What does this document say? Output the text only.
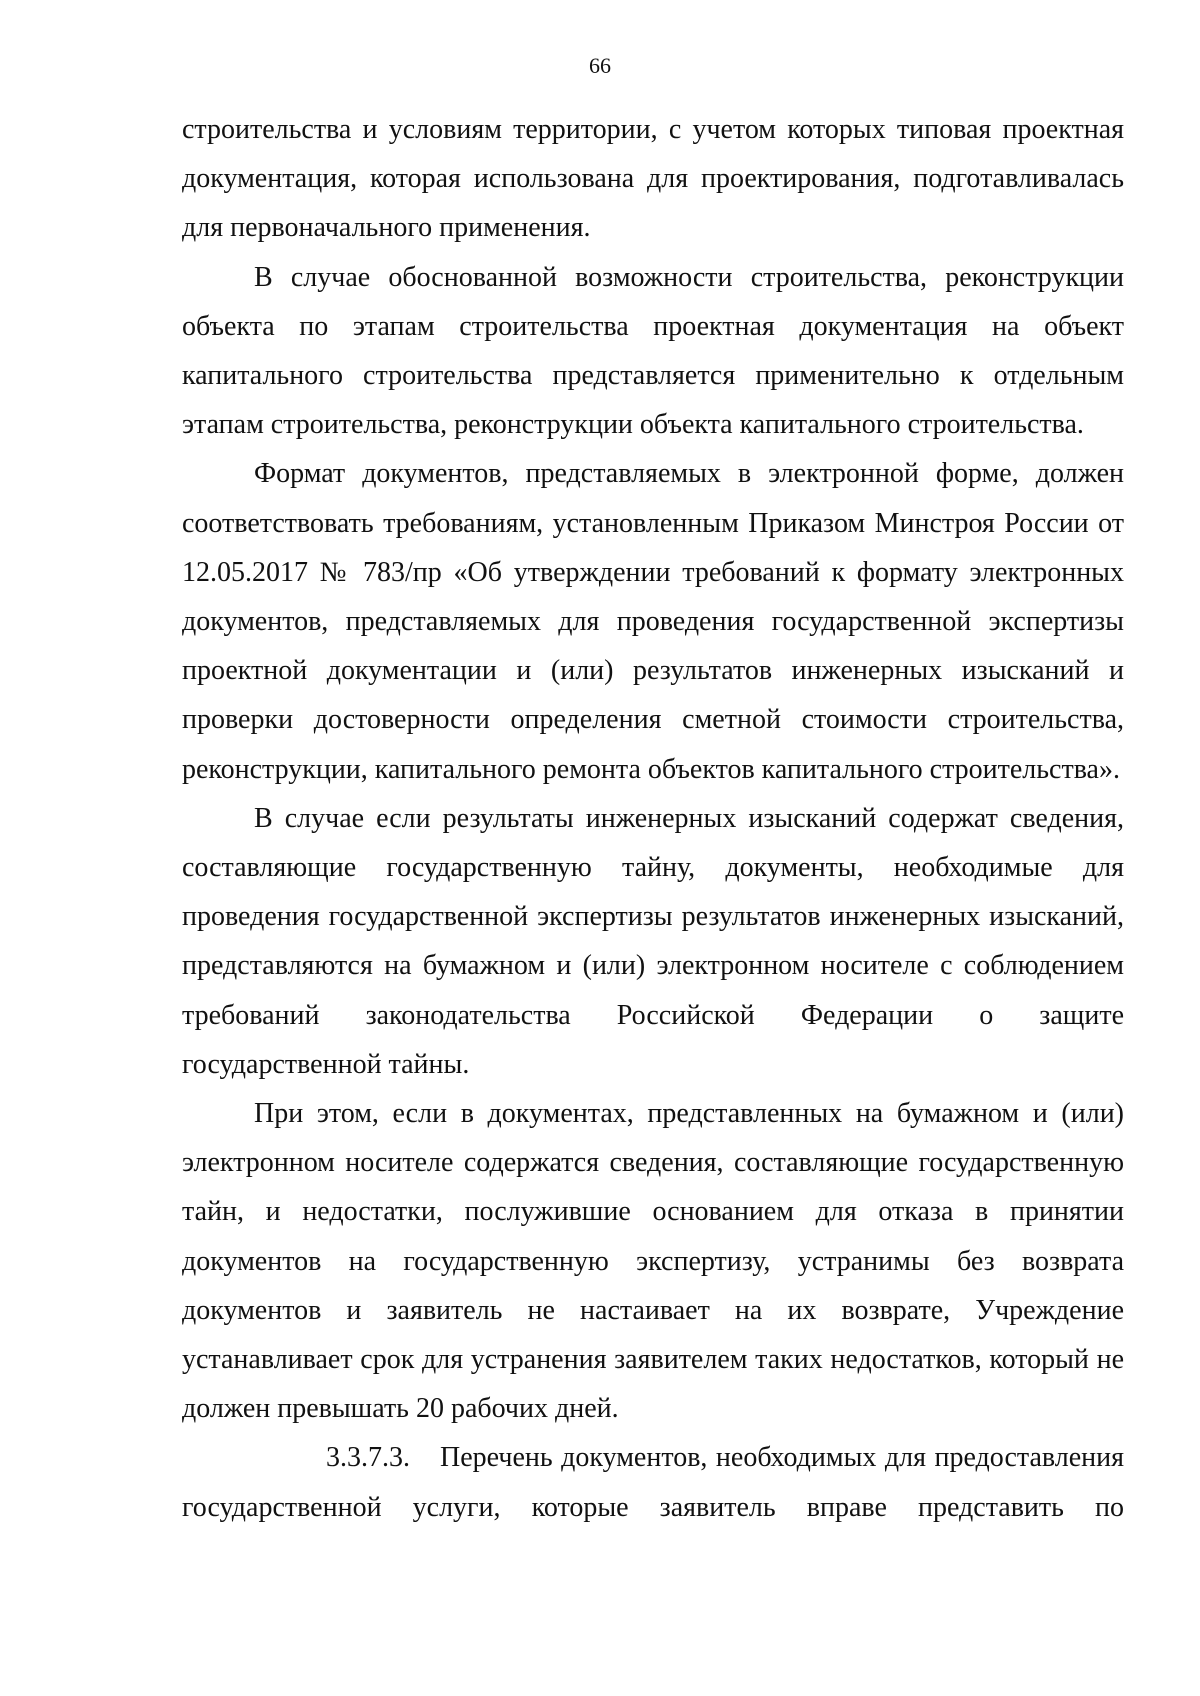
66

строительства и условиям территории, с учетом которых типовая проектная документация, которая использована для проектирования, подготавливалась для первоначального применения.

В случае обоснованной возможности строительства, реконструкции объекта по этапам строительства проектная документация на объект капитального строительства представляется применительно к отдельным этапам строительства, реконструкции объекта капитального строительства.

Формат документов, представляемых в электронной форме, должен соответствовать требованиям, установленным Приказом Минстроя России от 12.05.2017 № 783/пр «Об утверждении требований к формату электронных документов, представляемых для проведения государственной экспертизы проектной документации и (или) результатов инженерных изысканий и проверки достоверности определения сметной стоимости строительства, реконструкции, капитального ремонта объектов капитального строительства».

В случае если результаты инженерных изысканий содержат сведения, составляющие государственную тайну, документы, необходимые для проведения государственной экспертизы результатов инженерных изысканий, представляются на бумажном и (или) электронном носителе с соблюдением требований законодательства Российской Федерации о защите государственной тайны.

При этом, если в документах, представленных на бумажном и (или) электронном носителе содержатся сведения, составляющие государственную тайн, и недостатки, послужившие основанием для отказа в принятии документов на государственную экспертизу, устранимы без возврата документов и заявитель не настаивает на их возврате, Учреждение устанавливает срок для устранения заявителем таких недостатков, который не должен превышать 20 рабочих дней.

3.3.7.3. Перечень документов, необходимых для предоставления государственной услуги, которые заявитель вправе представить по
